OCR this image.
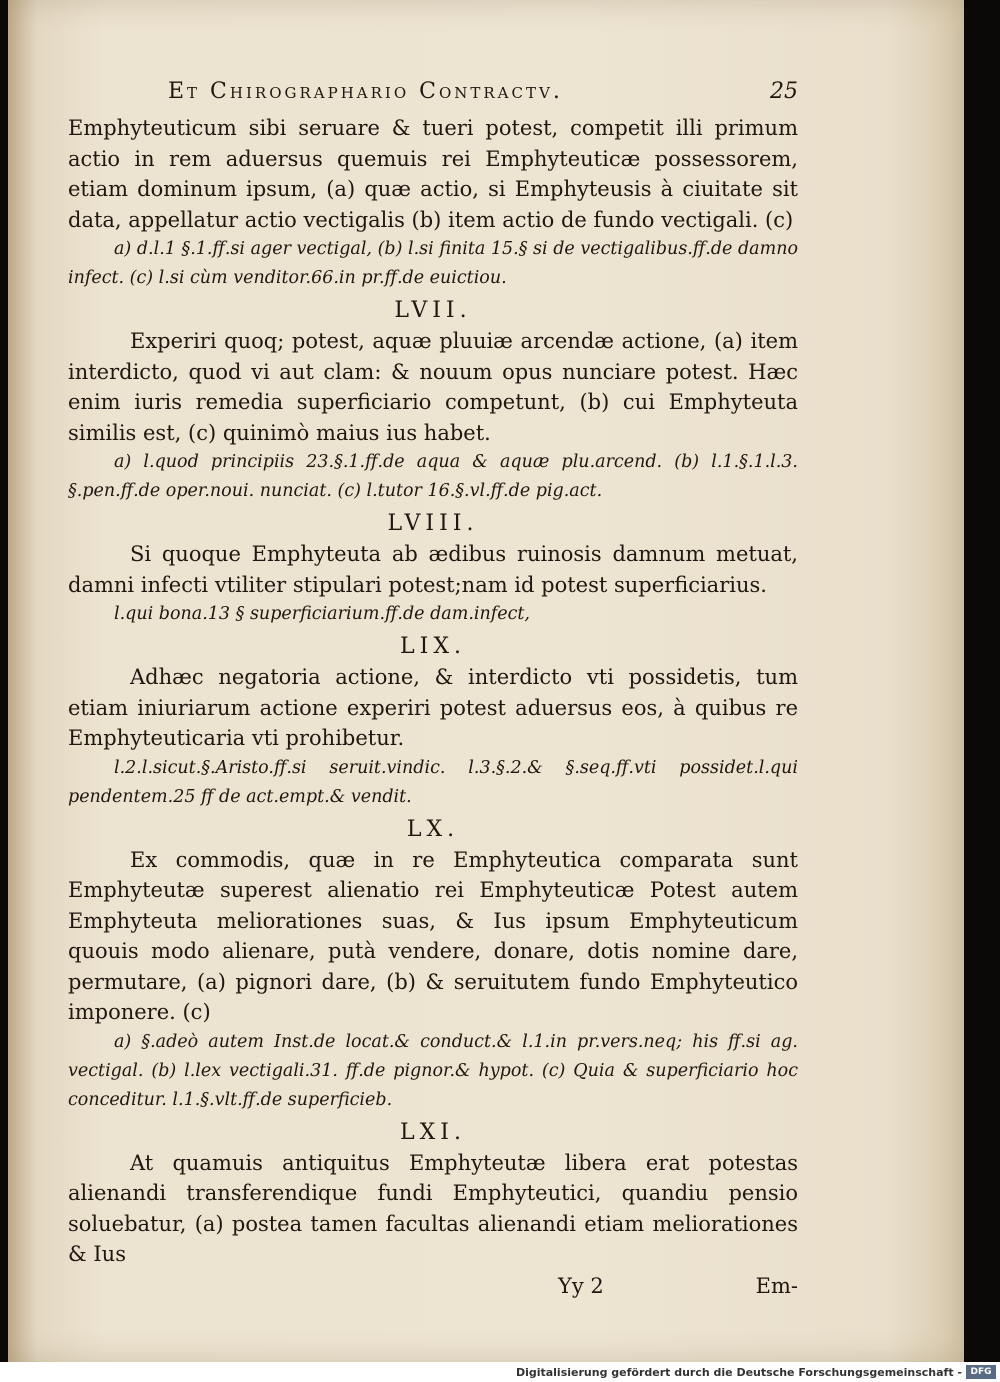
Et Chirographario Contractv.	25

Emphyteuticum sibi seruare & tueri potest, competit illi primum actio in rem aduersus quemuis rei Emphyteuticæ possessorem, etiam dominum ipsum, (a) quæ actio, si Emphyteusis à ciuitate sit data, appellatur actio vectigalis (b) item actio de fundo vectigali. (c)

a) d.l.1 §.1.ff.si ager vectigal, (b) l.si finita 15.§ si de vectigalibus.ff.de damno infect. (c) l.si cùm venditor.66.in pr.ff.de euictiou.

LVII.

Experiri quoq; potest, aquæ pluuiæ arcendæ actione, (a) item interdicto, quod vi aut clam: & nouum opus nunciare potest. Hæc enim iuris remedia superficiario competunt, (b) cui Emphyteuta similis est, (c) quinimò maius ius habet.

a) l.quod principiis 23.§.1.ff.de aqua & aquæ plu.arcend. (b) l.1.§.1.l.3. §.pen.ff.de oper.noui. nunciat. (c) l.tutor 16.§.vl.ff.de pig.act.

LVIII.

Si quoque Emphyteuta ab ædibus ruinosis damnum metuat, damni infecti vtiliter stipulari potest;nam id potest superficiarius.

l.qui bona.13 § superficiarium.ff.de dam.infect,

LIX.

Adhæc negatoria actione, & interdicto vti possidetis, tum etiam iniuriarum actione experiri potest aduersus eos, à quibus re Emphyteuticaria vti prohibetur.

l.2.l.sicut.§.Aristo.ff.si seruit.vindic. l.3.§.2.& §.seq.ff.vti possidet.l.qui pendentem.25 ff de act.empt.& vendit.

LX.

Ex commodis, quæ in re Emphyteutica comparata sunt Emphyteutæ superest alienatio rei Emphyteuticæ Potest autem Emphyteuta meliorationes suas, & Ius ipsum Emphyteuticum quouis modo alienare, putà vendere, donare, dotis nomine dare, permutare, (a) pignori dare, (b) & seruitutem fundo Emphyteutico imponere. (c)

a) §.adeò autem Inst.de locat.& conduct.& l.1.in pr.vers.neq; his ff.si ag. vectigal. (b) l.lex vectigali.31. ff.de pignor.& hypot. (c) Quia & superficiario hoc conceditur. l.1.§.vlt.ff.de superficieb.

LXI.

At quamuis antiquitus Emphyteutæ libera erat potestas alienandi transferendique fundi Emphyteutici, quandiu pensio soluebatur, (a) postea tamen facultas alienandi etiam meliorationes & Ius

Yy 2	Em-
Digitalisierung gefördert durch die Deutsche Forschungsgemeinschaft - DFG
